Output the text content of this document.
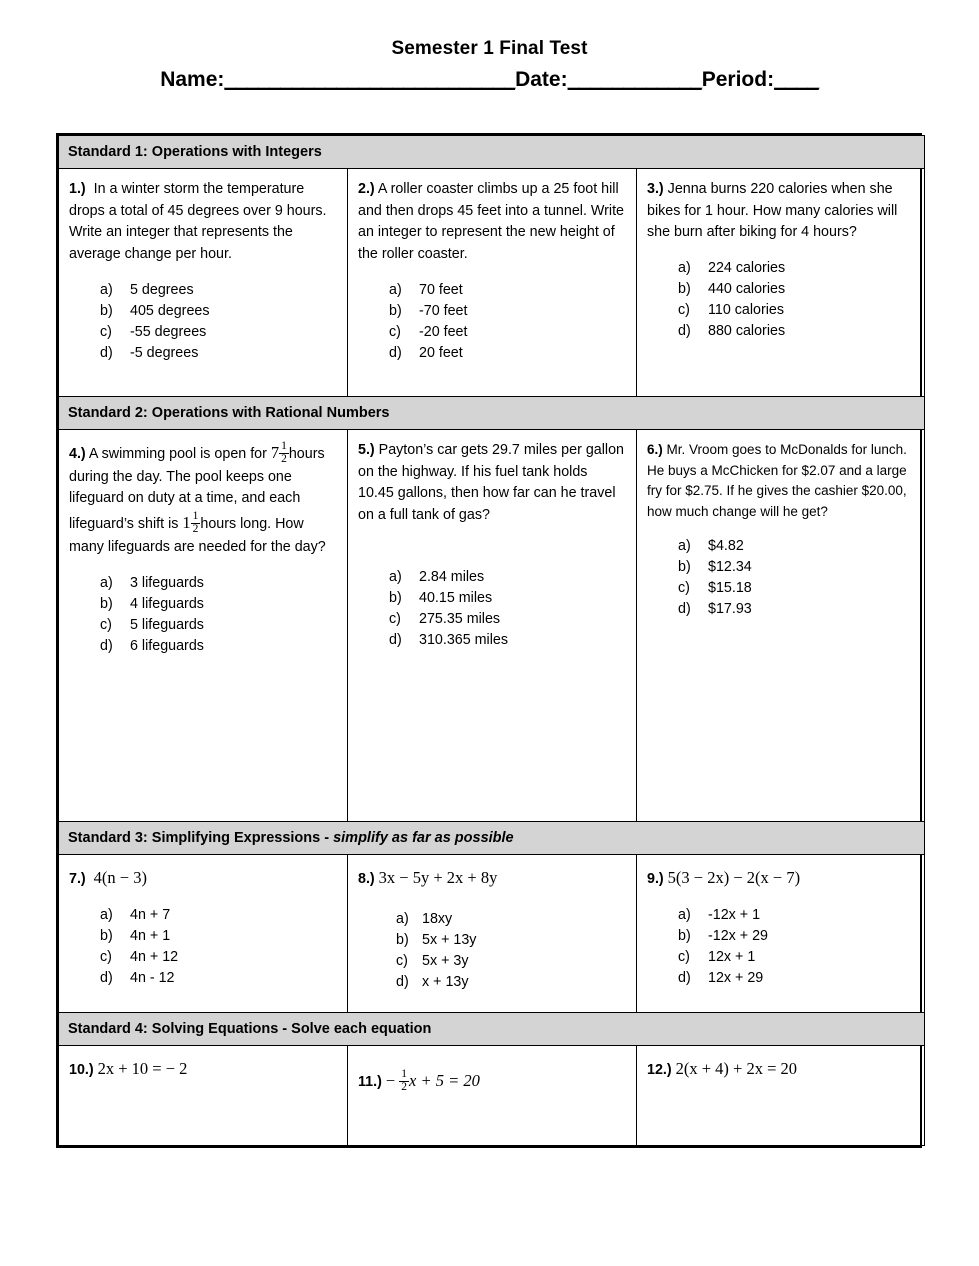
Semester 1 Final Test
Name:__________________________Date:____________Period:____
Standard 1: Operations with Integers		

1.) In a winter storm the temperature drops a total of 45 degrees over 9 hours. Write an integer that represents the average change per hour.

a)	5 degrees
b)	405 degrees
c)	-55 degrees
d)	-5 degrees

2.) A roller coaster climbs up a 25 foot hill and then drops 45 feet into a tunnel. Write an integer to represent the new height of the roller coaster.

a)	70 feet
b)	-70 feet
c)	-20 feet
d)	20 feet

3.) Jenna burns 220 calories when she bikes for 1 hour. How many calories will she burn after biking for 4 hours?

a)	224 calories
b)	440 calories
c)	110 calories
d)	880 calories

Standard 2: Operations with Rational Numbers		

4.) A swimming pool is open for $7 \frac{1}{2}$ hours during the day. The pool keeps one lifeguard on duty at a time, and each lifeguard’s shift is $1 \frac{1}{2}$ hours long. How many lifeguards are needed for the day?

a)	3 lifeguards
b)	4 lifeguards
c)	5 lifeguards
d)	6 lifeguards

5.) Payton’s car gets 29.7 miles per gallon on the highway. If his fuel tank holds 10.45 gallons, then how far can he travel on a full tank of gas?

a)	2.84 miles
b)	40.15 miles
c)	275.35 miles
d)	310.365 miles

6.) Mr. Vroom goes to McDonalds for lunch. He buys a McChicken for $2.07 and a large fry for $2.75. If he gives the cashier $20.00, how much change will he get?

a)	$4.82
b)	$12.34
c)	$15.18
d)	$17.93

Standard 3: Simplifying Expressions - simplify as far as possible		

7.) 4(n − 3)

a)	4n + 7
b)	4n + 1
c)	4n + 12
d)	4n - 12

8.) 3x − 5y + 2x + 8y

a) 18xy
b) 5x + 13y
c) 5x + 3y
d) x + 13y

9.) 5(3 − 2x) − 2(x − 7)

a)	-12x + 1
b)	-12x + 29
c)	12x + 1
d)	12x + 29

Standard 4: Solving Equations - Solve each equation		

10.) 2x + 10 = − 2	$11.) - \frac{1}{2}$ x + 5 = 20	12.) 2(x + 4) + 2x = 20
